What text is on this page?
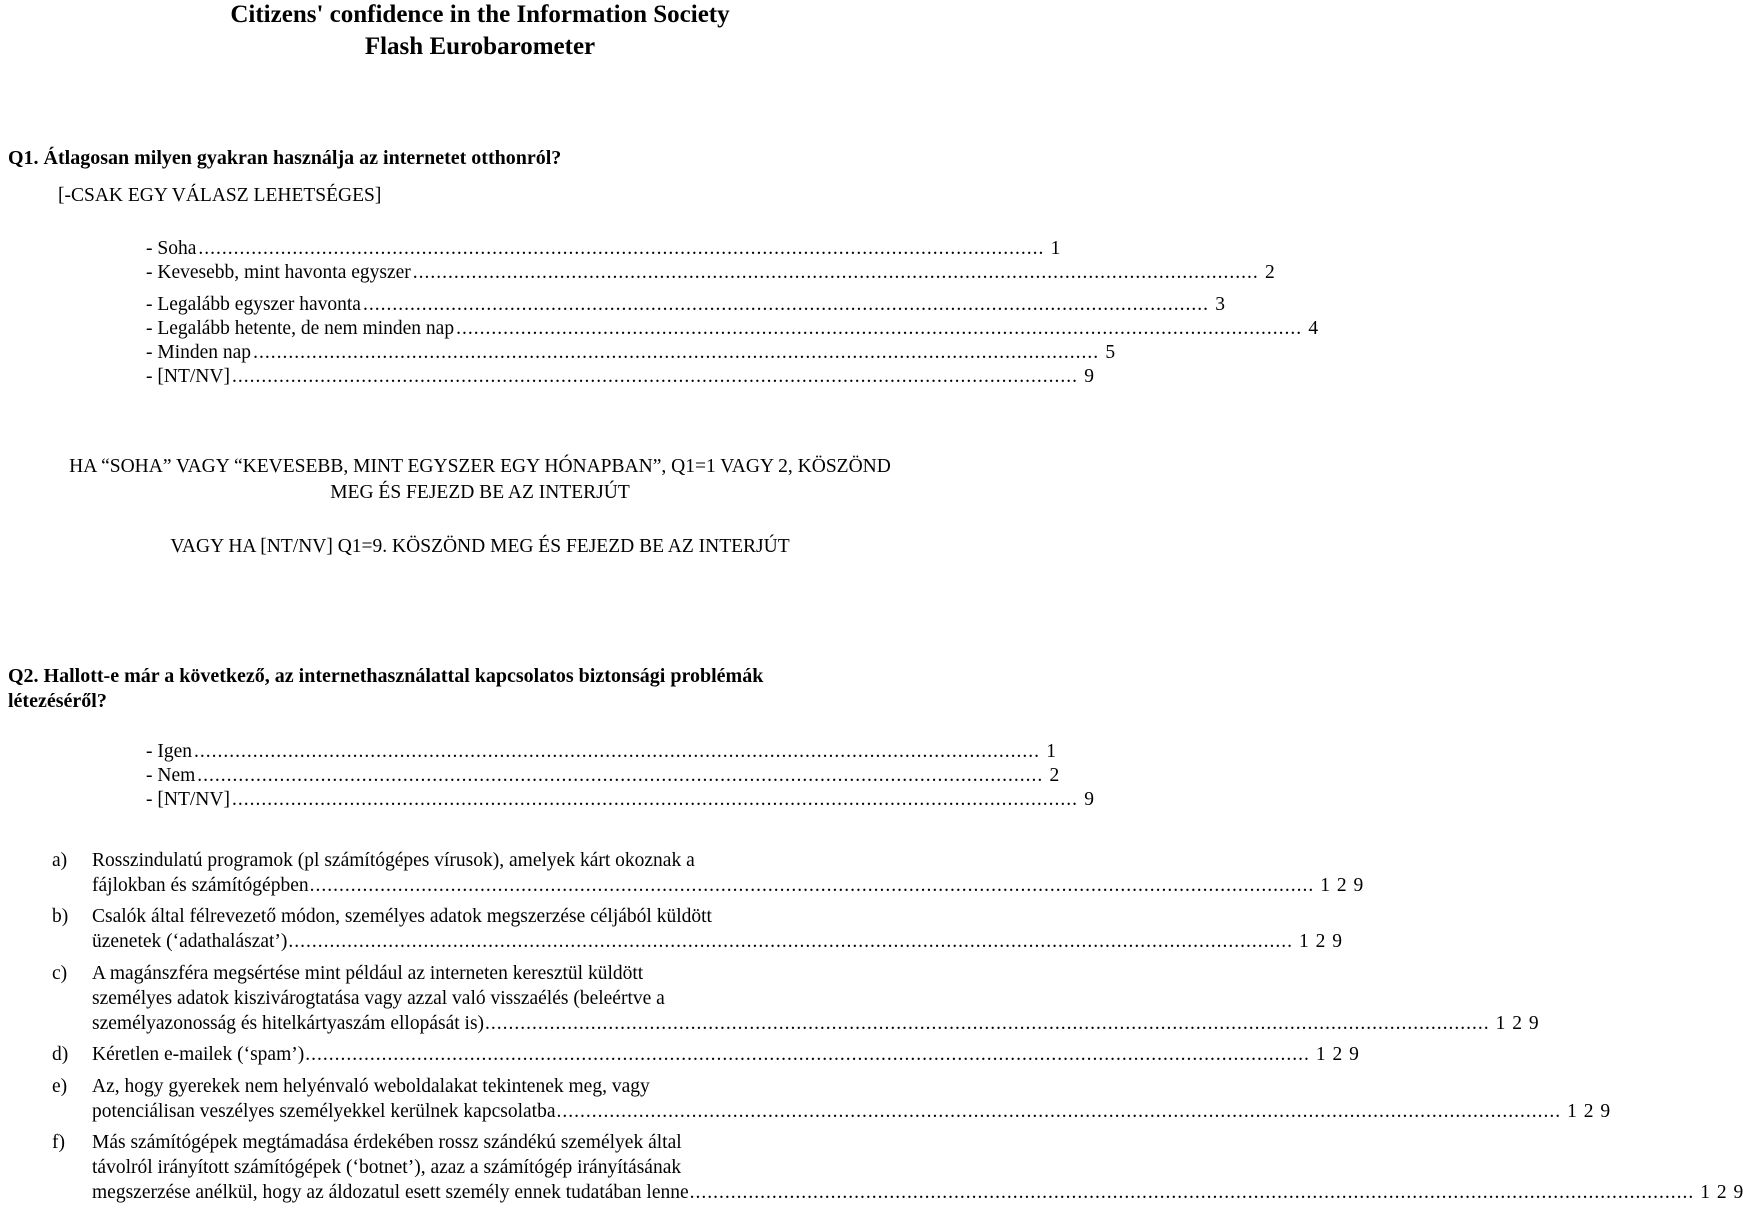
Citizens' confidence in the Information Society
Flash Eurobarometer
Q1. Átlagosan milyen gyakran használja az internetet otthonról?
[-CSAK EGY VÁLASZ LEHETSÉGES]
- Soha .....	1
- Kevesebb, mint havonta egyszer .....	2
- Legalább egyszer havonta .....	3
- Legalább hetente, de nem minden nap .....	4
- Minden nap .....	5
- [NT/NV] .....	9
HA “SOHA” VAGY “KEVESEBB, MINT EGYSZER EGY HÓNAPBAN”, Q1=1 VAGY 2, KÖSZÖND
MEG ÉS FEJEZD BE AZ INTERJÚT
VAGY HA [NT/NV] Q1=9. KÖSZÖND MEG ÉS FEJEZD BE AZ INTERJÚT
Q2. Hallott-e már a következő, az internethasználattal kapcsolatos biztonsági problémák
létezéséről?
- Igen .....	1
- Nem .....	2
- [NT/NV] .....	9
a)	Rosszindulatú programok (pl számítógépes vírusok), amelyek kárt okoznak a
fájlokban és számítógépben .....	1 2 9
b)	Csalók által félrevezető módon, személyes adatok megszerzése céljából küldött
üzenetek (‘adathalászat’) .....	1 2 9
c)	A magánszféra megsértése mint például az interneten keresztül küldött
személyes adatok kiszivárogtatása vagy azzal való visszaélés (beleértve a
személyazonosság és hitelkártyaszám ellopását is) .....	1 2 9
d)	Kéretlen e-mailek (‘spam’) .....	1 2 9
e)	Az, hogy gyerekek nem helyénvaló weboldalakat tekintenek meg, vagy
potenciálisan veszélyes személyekkel kerülnek kapcsolatba .....	1 2 9
f)	Más számítógépek megtámadása érdekében rossz szándékú személyek által
távolról irányított számítógépek (‘botnet’), azaz a számítógép irányításának
megszerzése anélkül, hogy az áldozatul esett személy ennek tudatában lenne .....	1 2 9
